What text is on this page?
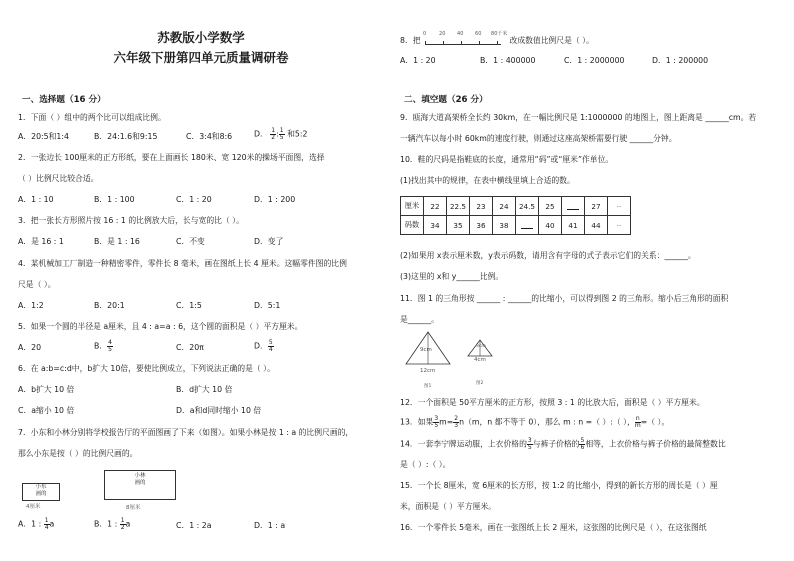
苏教版小学数学
六年级下册第四单元质量调研卷
一、选择题（16 分）
1．下面（ ）组中的两个比可以组成比例。
A．20:5和1:4	B．24:1.6和9:15	C．3:4和8:6	D． $\frac{1}{2}$ : $\frac{1}{5}$ 和5:2
2．一张边长 100厘米的正方形纸，要在上面画长 180米、宽 120米的操场平面图，选择
（ ）比例尺比较合适。
A．1 : 10	B．1 : 100	C．1 : 20	D．1 : 200
3．把一张长方形照片按 16 : 1 的比例放大后，长与宽的比（ ）。
A．是 16 : 1	B．是 1 : 16	C．不变	D．变了
4．某机械加工厂制造一种精密零件，零件长 8 毫米，画在图纸上长 4 厘米。这幅零件图的比例
尺是（ ）。
A．1:2	B．20:1	C．1:5	D．5:1
5．如果一个圆的半径是 a厘米，且 4 : a=a : 6，这个圆的面积是（ ）平方厘米。
A．20	B． $\frac{4}{5}$	C．20π	D． $\frac{5}{4}$
6．在 a:b=c:d中，b扩大 10倍，要使比例成立，下列说法正确的是（ ）。
A．b扩大 10 倍	B．d扩大 10 倍
C．a缩小 10 倍	D．a和d同时缩小 10 倍
7．小东和小林分别将学校报告厅的平面图画了下来（如图）。如果小林是按 1 : a 的比例尺画的，
那么小东是按（ ）的比例尺画的。
小东
画的
4厘米
小林
画的
8厘米
A．1 : $\frac{1}{4}$ a	B．1 : $\frac{1}{2}$ a	C．1 : 2a	D．1 : a
8．把
0	20 40 60 80千米
改成数值比例尺是（ ）。
A．1 : 20	B．1 : 400000	C．1 : 2000000	D．1 : 200000
二、填空题（26 分）
9．瓯海大道高架桥全长约 30km，在一幅比例尺是 1:1000000 的地图上，图上距离是 ______cm。若
一辆汽车以每小时 60km的速度行驶，则通过这座高架桥需要行驶 ______分钟。
10．鞋的尺码是指鞋底的长度，通常用“码”或“厘米”作单位。
(1)找出其中的规律，在表中横线里填上合适的数。
厘米	22	22.5	23	24	24.5	25		27	...
码数	34	35	36	38		40	41	44	...
(2)如果用 x表示厘米数，y表示码数，请用含有字母的式子表示它们的关系：______。
(3)这里的 x和 y______比例。
11．图 1 的三角形按 ______ : ______的比缩小，可以得到图 2 的三角形。缩小后三角形的面积
是______。
9cm
12cm
图1
3cm
4cm
图2
12．一个面积是 50平方厘米的正方形，按照 3 : 1 的比放大后，面积是（ ）平方厘米。
13．如果 $\frac{3}{5} m= \frac{2}{3} n(m$，n 都不等于 0），那么 m : n =（ ）:（ ）， $\frac{n}{m}$ =（ ）。
14．一套李宁牌运动服，上衣价格的 $\frac{3}{5}$ 与裤子价格的 $\frac{5}{6}$ 相等，上衣价格与裤子价格的最简整数比
是（ ）:（ ）。
15．一个长 8厘米，宽 6厘米的长方形，按 1:2 的比缩小，得到的新长方形的周长是（ ）厘
米，面积是（ ）平方厘米。
16．一个零件长 5毫米，画在一张图纸上长 2 厘米，这张图的比例尺是（ ），在这张图纸
